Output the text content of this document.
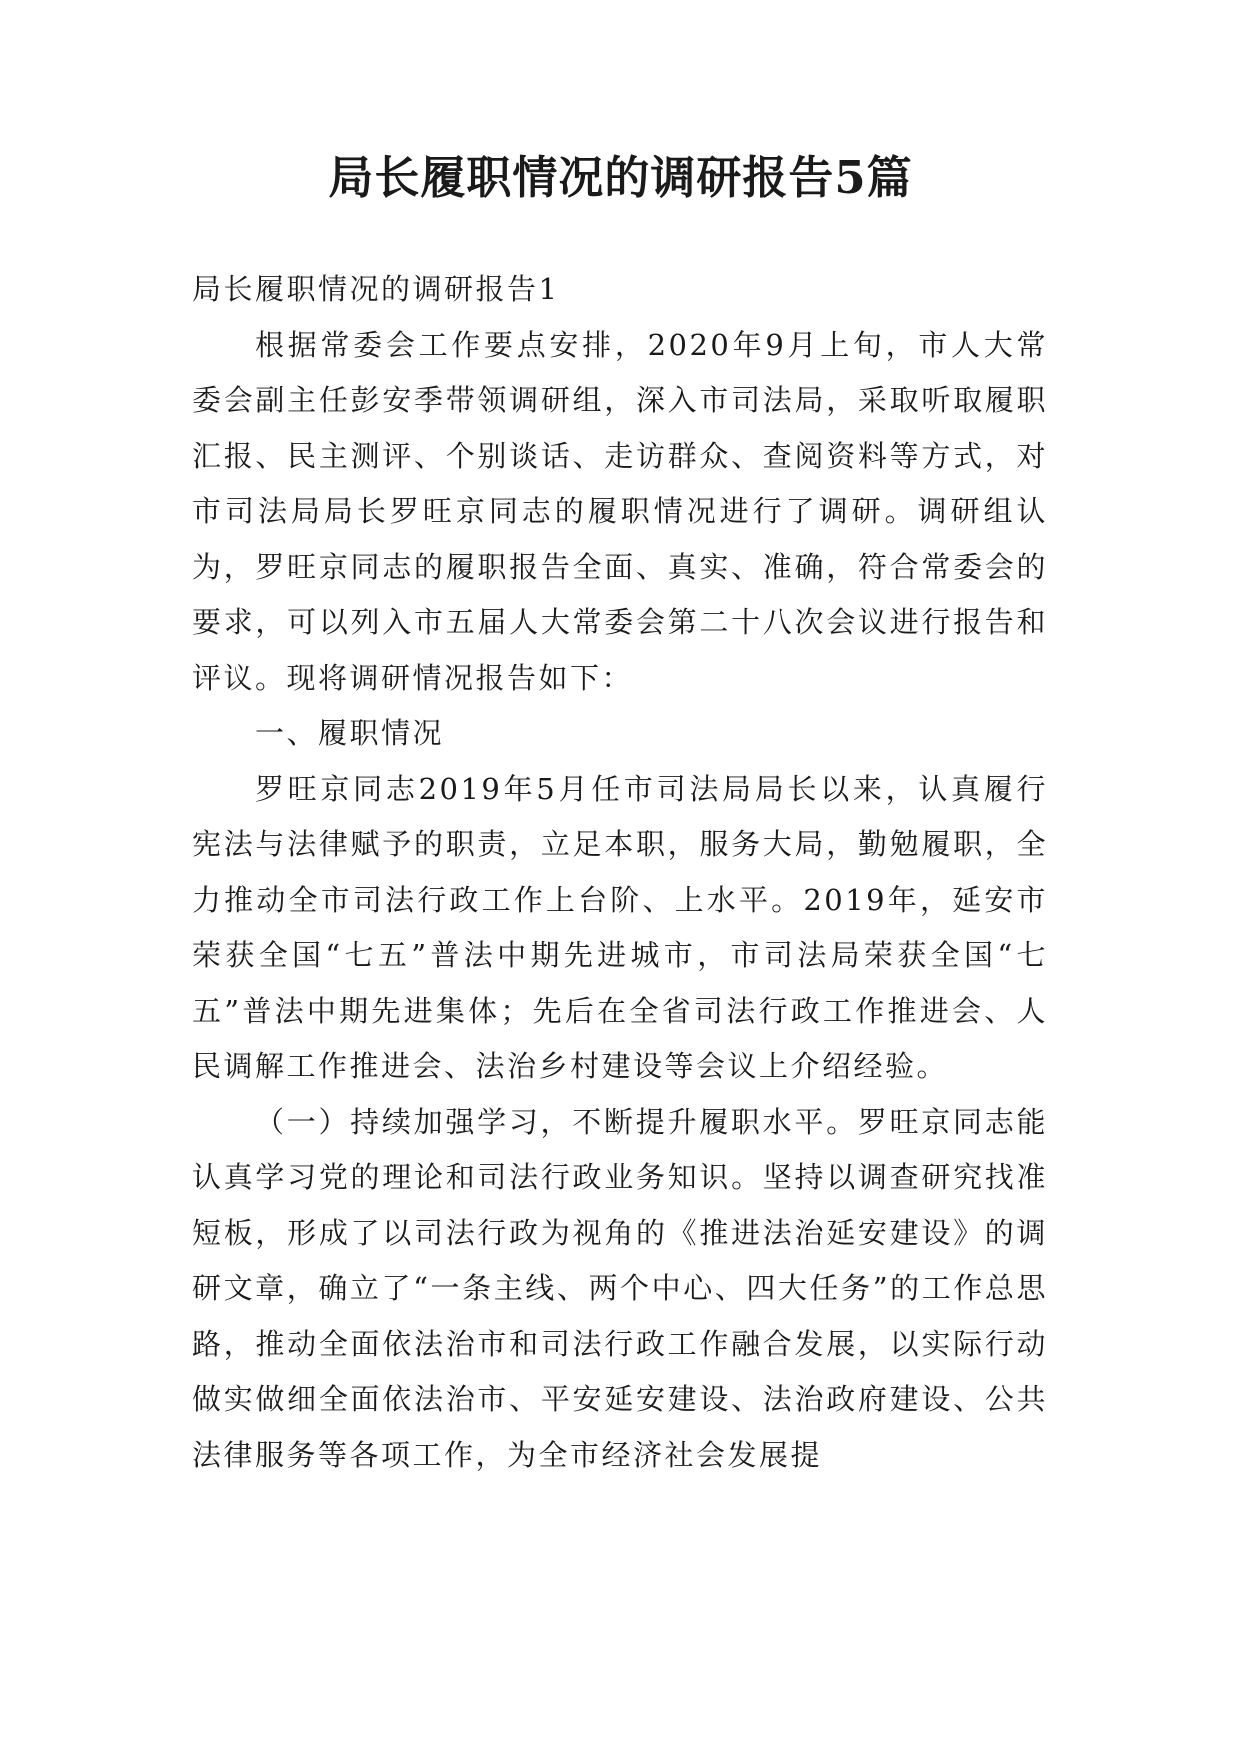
局长履职情况的调研报告5篇

局长履职情况的调研报告1

根据常委会工作要点安排，2020年9月上旬，市人大常委会副主任彭安季带领调研组，深入市司法局，采取听取履职汇报、民主测评、个别谈话、走访群众、查阅资料等方式，对市司法局局长罗旺京同志的履职情况进行了调研。调研组认为，罗旺京同志的履职报告全面、真实、准确，符合常委会的要求，可以列入市五届人大常委会第二十八次会议进行报告和评议。现将调研情况报告如下：

一、履职情况

罗旺京同志2019年5月任市司法局局长以来，认真履行宪法与法律赋予的职责，立足本职，服务大局，勤勉履职，全力推动全市司法行政工作上台阶、上水平。2019年，延安市荣获全国“七五”普法中期先进城市，市司法局荣获全国“七五”普法中期先进集体；先后在全省司法行政工作推进会、人民调解工作推进会、法治乡村建设等会议上介绍经验。

（一）持续加强学习，不断提升履职水平。罗旺京同志能认真学习党的理论和司法行政业务知识。坚持以调查研究找准短板，形成了以司法行政为视角的《推进法治延安建设》的调研文章，确立了“一条主线、两个中心、四大任务”的工作总思路，推动全面依法治市和司法行政工作融合发展，以实际行动做实做细全面依法治市、平安延安建设、法治政府建设、公共法律服务等各项工作，为全市经济社会发展提
